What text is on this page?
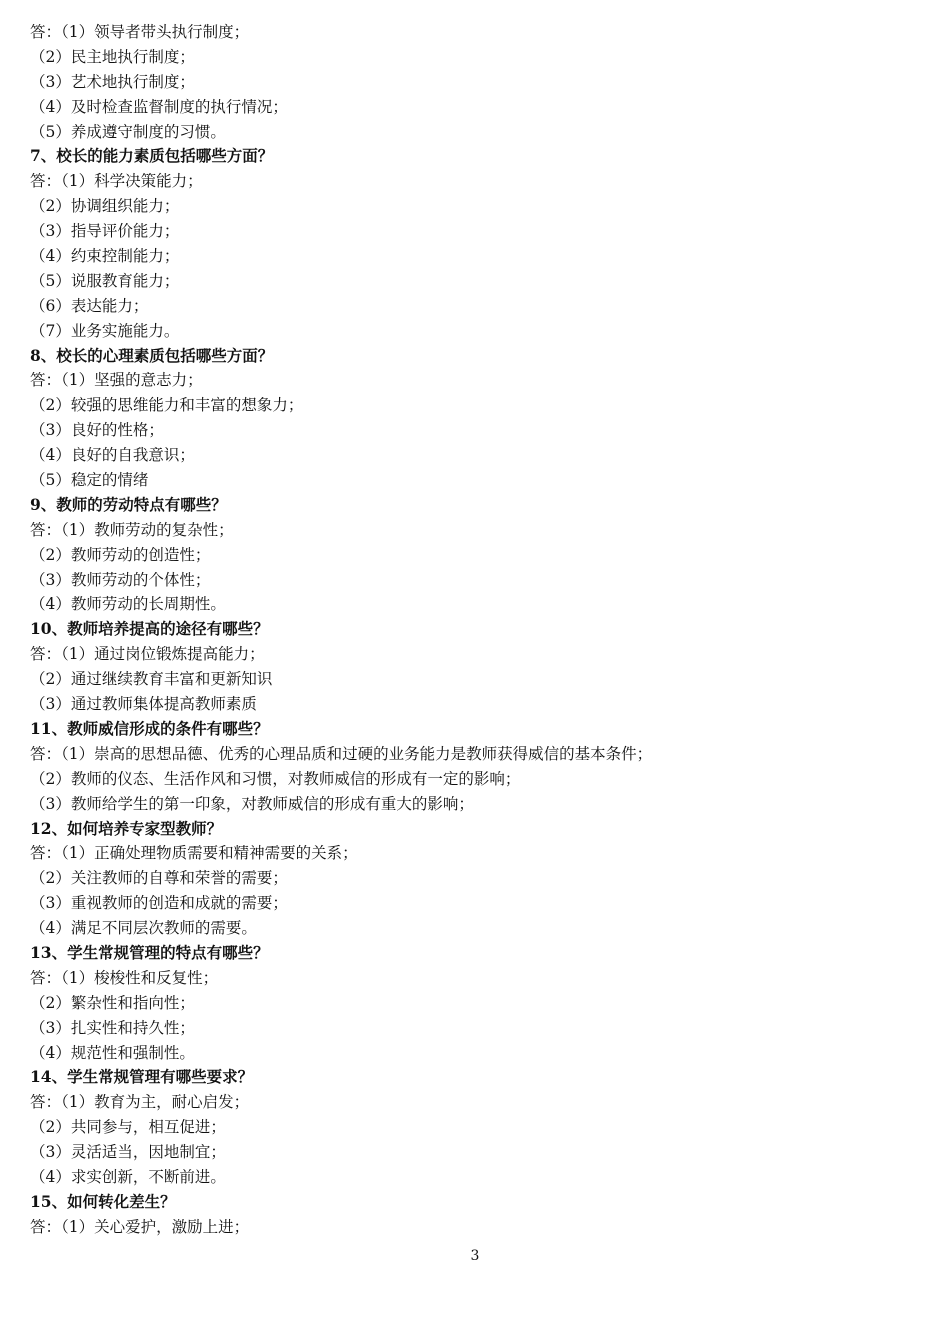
答：（1）领导者带头执行制度；
（2）民主地执行制度；
（3）艺术地执行制度；
（4）及时检查监督制度的执行情况；
（5）养成遵守制度的习惯。
7、校长的能力素质包括哪些方面？
答：（1）科学决策能力；
（2）协调组织能力；
（3）指导评价能力；
（4）约束控制能力；
（5）说服教育能力；
（6）表达能力；
（7）业务实施能力。
8、校长的心理素质包括哪些方面？
答：（1）坚强的意志力；
（2）较强的思维能力和丰富的想象力；
（3）良好的性格；
（4）良好的自我意识；
（5）稳定的情绪
9、教师的劳动特点有哪些？
答：（1）教师劳动的复杂性；
（2）教师劳动的创造性；
（3）教师劳动的个体性；
（4）教师劳动的长周期性。
10、教师培养提高的途径有哪些？
答：（1）通过岗位锻炼提高能力；
（2）通过继续教育丰富和更新知识
（3）通过教师集体提高教师素质
11、教师威信形成的条件有哪些？
答：（1）崇高的思想品德、优秀的心理品质和过硬的业务能力是教师获得威信的基本条件；
（2）教师的仪态、生活作风和习惯，对教师威信的形成有一定的影响；
（3）教师给学生的第一印象，对教师威信的形成有重大的影响；
12、如何培养专家型教师？
答：（1）正确处理物质需要和精神需要的关系；
（2）关注教师的自尊和荣誉的需要；
（3）重视教师的创造和成就的需要；
（4）满足不同层次教师的需要。
13、学生常规管理的特点有哪些？
答：（1）梭梭性和反复性；
（2）繁杂性和指向性；
（3）扎实性和持久性；
（4）规范性和强制性。
14、学生常规管理有哪些要求？
答：（1）教育为主，耐心启发；
（2）共同参与，相互促进；
（3）灵活适当，因地制宜；
（4）求实创新，不断前进。
15、如何转化差生？
答：（1）关心爱护，激励上进；
3
